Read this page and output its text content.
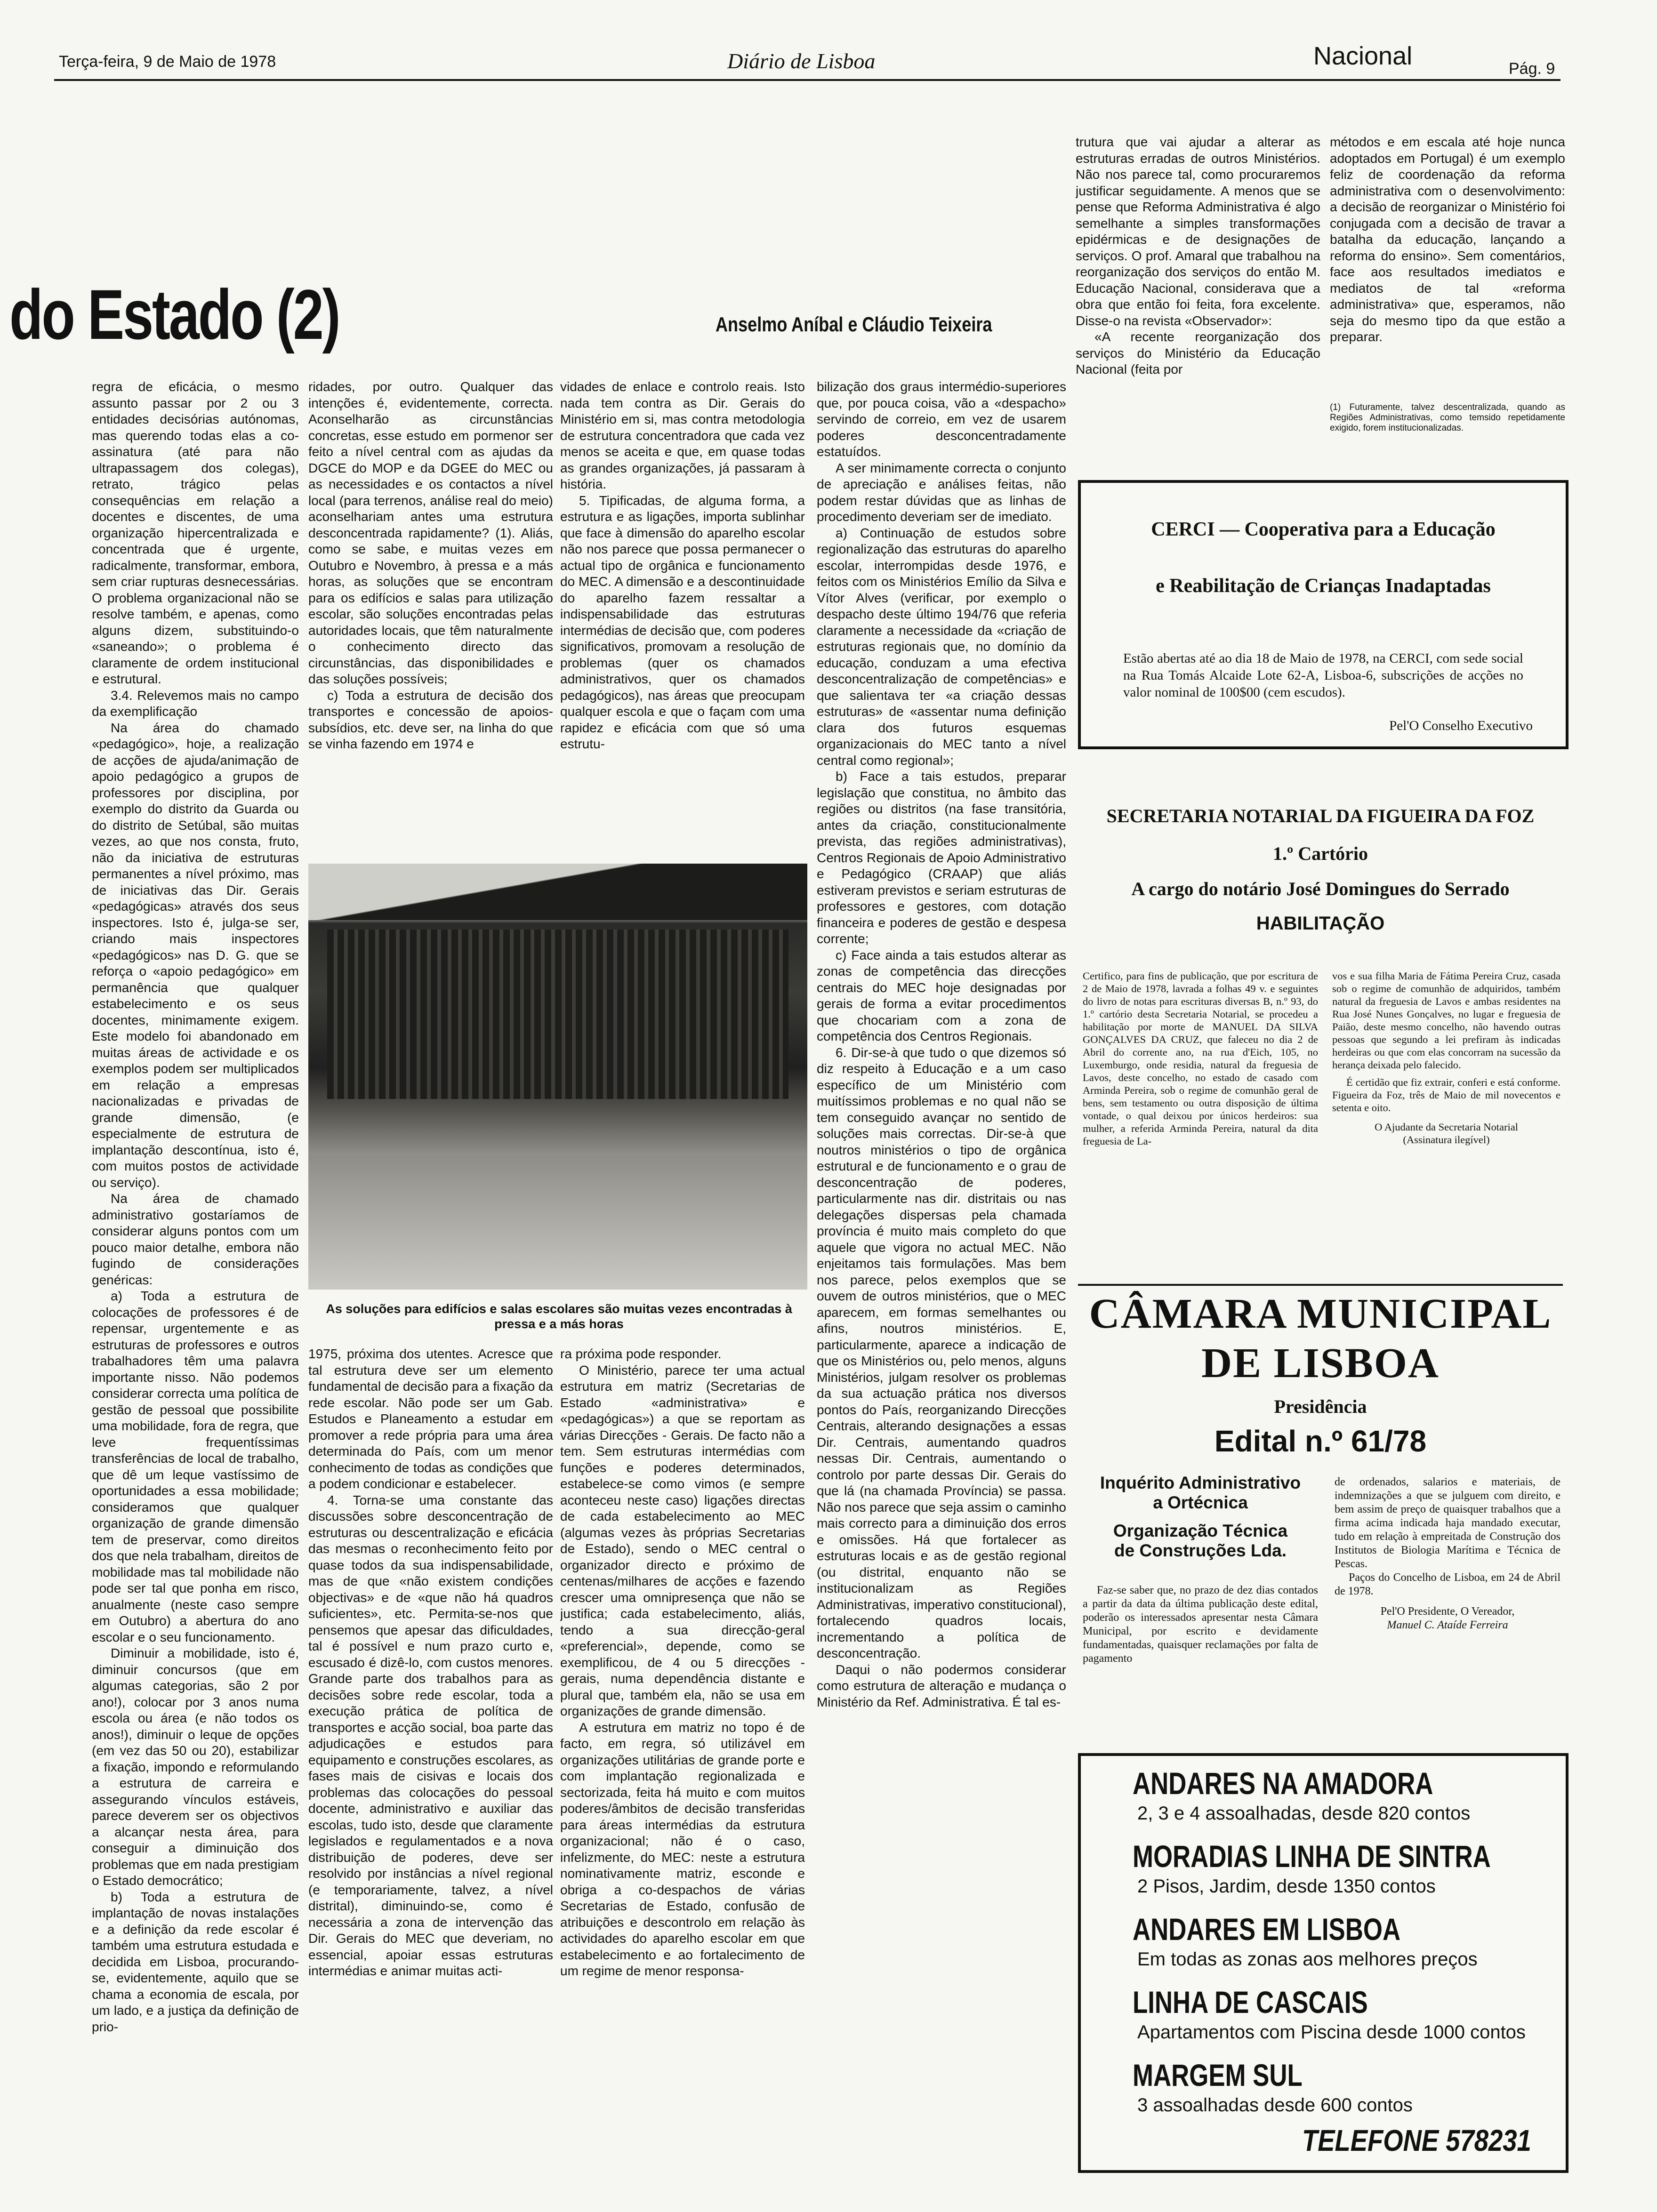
Terça-feira, 9 de Maio de 1978	Diário de Lisboa	Nacional	Pág. 9
do Estado (2)	Anselmo Aníbal e Cláudio Teixeira

regra de eficácia, o mesmo assunto passar por 2 ou 3 entidades decisórias autónomas, mas querendo todas elas a co-assinatura (até para não ultrapassagem dos colegas), retrato, trágico pelas consequências em relação a docentes e discentes, de uma organização hipercentralizada e concentrada que é urgente, radicalmente, transformar, embora, sem criar rupturas desnecessárias. O problema organizacional não se resolve também, e apenas, como alguns dizem, substituindo-o «saneando»; o problema é claramente de ordem institucional e estrutural.

3.4. Relevemos mais no campo da exemplificação

Na área do chamado «pedagógico», hoje, a realização de acções de ajuda/animação de apoio pedagógico a grupos de professores por disciplina, por exemplo do distrito da Guarda ou do distrito de Setúbal, são muitas vezes, ao que nos consta, fruto, não da iniciativa de estruturas permanentes a nível próximo, mas de iniciativas das Dir. Gerais «pedagógicas» através dos seus inspectores. Isto é, julga-se ser, criando mais inspectores «pedagógicos» nas D. G. que se reforça o «apoio pedagógico» em permanência que qualquer estabelecimento e os seus docentes, minimamente exigem. Este modelo foi abandonado em muitas áreas de actividade e os exemplos podem ser multiplicados em relação a empresas nacionalizadas e privadas de grande dimensão, (e especialmente de estrutura de implantação descontínua, isto é, com muitos postos de actividade ou serviço).

Na área de chamado administrativo gostaríamos de considerar alguns pontos com um pouco maior detalhe, embora não fugindo de considerações genéricas:

a) Toda a estrutura de colocações de professores é de repensar, urgentemente e as estruturas de professores e outros trabalhadores têm uma palavra importante nisso. Não podemos considerar correcta uma política de gestão de pessoal que possibilite uma mobilidade, fora de regra, que leve frequentíssimas transferências de local de trabalho, que dê um leque vastíssimo de oportunidades a essa mobilidade; consideramos que qualquer organização de grande dimensão tem de preservar, como direitos dos que nela trabalham, direitos de mobilidade mas tal mobilidade não pode ser tal que ponha em risco, anualmente (neste caso sempre em Outubro) a abertura do ano escolar e o seu funcionamento.

Diminuir a mobilidade, isto é, diminuir concursos (que em algumas categorias, são 2 por ano!), colocar por 3 anos numa escola ou área (e não todos os anos!), diminuir o leque de opções (em vez das 50 ou 20), estabilizar a fixação, impondo e reformulando a estrutura de carreira e assegurando vínculos estáveis, parece deverem ser os objectivos a alcançar nesta área, para conseguir a diminuição dos problemas que em nada prestigiam o Estado democrático;

b) Toda a estrutura de implantação de novas instalações e a definição da rede escolar é também uma estrutura estudada e decidida em Lisboa, procurando-se, evidentemente, aquilo que se chama a economia de escala, por um lado, e a justiça da definição de prio-

ridades, por outro. Qualquer das intenções é, evidentemente, correcta. Aconselharão as circunstâncias concretas, esse estudo em pormenor ser feito a nível central com as ajudas da DGCE do MOP e da DGEE do MEC ou as necessidades e os contactos a nível local (para terrenos, análise real do meio) aconselhariam antes uma estrutura desconcentrada rapidamente? (1). Aliás, como se sabe, e muitas vezes em Outubro e Novembro, à pressa e a más horas, as soluções que se encontram para os edifícios e salas para utilização escolar, são soluções encontradas pelas autoridades locais, que têm naturalmente o conhecimento directo das circunstâncias, das disponibilidades e das soluções possíveis;

c) Toda a estrutura de decisão dos transportes e concessão de apoios-subsídios, etc. deve ser, na linha do que se vinha fazendo em 1974 e

vidades de enlace e controlo reais. Isto nada tem contra as Dir. Gerais do Ministério em si, mas contra metodologia de estrutura concentradora que cada vez menos se aceita e que, em quase todas as grandes organizações, já passaram à história.

5. Tipificadas, de alguma forma, a estrutura e as ligações, importa sublinhar que face à dimensão do aparelho escolar não nos parece que possa permanecer o actual tipo de orgânica e funcionamento do MEC. A dimensão e a descontinuidade do aparelho fazem ressaltar a indispensabilidade das estruturas intermédias de decisão que, com poderes significativos, promovam a resolução de problemas (quer os chamados administrativos, quer os chamados pedagógicos), nas áreas que preocupam qualquer escola e que o façam com uma rapidez e eficácia com que só uma estrutu-

As soluções para edifícios e salas escolares são muitas vezes encontradas à pressa e a más horas

1975, próxima dos utentes. Acresce que tal estrutura deve ser um elemento fundamental de decisão para a fixação da rede escolar. Não pode ser um Gab. Estudos e Planeamento a estudar em promover a rede própria para uma área determinada do País, com um menor conhecimento de todas as condições que a podem condicionar e estabelecer.

4. Torna-se uma constante das discussões sobre desconcentração de estruturas ou descentralização e eficácia das mesmas o reconhecimento feito por quase todos da sua indispensabilidade, mas de que «não existem condições objectivas» e de «que não há quadros suficientes», etc. Permita-se-nos que pensemos que apesar das dificuldades, tal é possível e num prazo curto e, escusado é dizê-lo, com custos menores. Grande parte dos trabalhos para as decisões sobre rede escolar, toda a execução prática de política de transportes e acção social, boa parte das adjudicações e estudos para equipamento e construções escolares, as fases mais de cisivas e locais dos problemas das colocações do pessoal docente, administrativo e auxiliar das escolas, tudo isto, desde que claramente legislados e regulamentados e a nova distribuição de poderes, deve ser resolvido por instâncias a nível regional (e temporariamente, talvez, a nível distrital), diminuindo-se, como é necessária a zona de intervenção das Dir. Gerais do MEC que deveriam, no essencial, apoiar essas estruturas intermédias e animar muitas acti-

ra próxima pode responder.

O Ministério, parece ter uma actual estrutura em matriz (Secretarias de Estado «administrativa» e «pedagógicas») a que se reportam as várias Direcções - Gerais. De facto não a tem. Sem estruturas intermédias com funções e poderes determinados, estabelece-se como vimos (e sempre aconteceu neste caso) ligações directas de cada estabelecimento ao MEC (algumas vezes às próprias Secretarias de Estado), sendo o MEC central o organizador directo e próximo de centenas/milhares de acções e fazendo crescer uma omnipresença que não se justifica; cada estabelecimento, aliás, tendo a sua direcção-geral «preferencial», depende, como se exemplificou, de 4 ou 5 direcções - gerais, numa dependência distante e plural que, também ela, não se usa em organizações de grande dimensão.

A estrutura em matriz no topo é de facto, em regra, só utilizável em organizações utilitárias de grande porte e com implantação regionalizada e sectorizada, feita há muito e com muitos poderes/âmbitos de decisão transferidas para áreas intermédias da estrutura organizacional; não é o caso, infelizmente, do MEC: neste a estrutura nominativamente matriz, esconde e obriga a co-despachos de várias Secretarias de Estado, confusão de atribuições e descontrolo em relação às actividades do aparelho escolar em que estabelecimento e ao fortalecimento de um regime de menor responsa-

bilização dos graus intermédio-superiores que, por pouca coisa, vão a «despacho» servindo de correio, em vez de usarem poderes desconcentradamente estatuídos.

A ser minimamente correcta o conjunto de apreciação e análises feitas, não podem restar dúvidas que as linhas de procedimento deveriam ser de imediato.

a) Continuação de estudos sobre regionalização das estruturas do aparelho escolar, interrompidas desde 1976, e feitos com os Ministérios Emílio da Silva e Vítor Alves (verificar, por exemplo o despacho deste último 194/76 que referia claramente a necessidade da «criação de estruturas regionais que, no domínio da educação, conduzam a uma efectiva desconcentralização de competências» e que salientava ter «a criação dessas estruturas» de «assentar numa definição clara dos futuros esquemas organizacionais do MEC tanto a nível central como regional»;

b) Face a tais estudos, preparar legislação que constitua, no âmbito das regiões ou distritos (na fase transitória, antes da criação, constitucionalmente prevista, das regiões administrativas), Centros Regionais de Apoio Administrativo e Pedagógico (CRAAP) que aliás estiveram previstos e seriam estruturas de professores e gestores, com dotação financeira e poderes de gestão e despesa corrente;

c) Face ainda a tais estudos alterar as zonas de competência das direcções centrais do MEC hoje designadas por gerais de forma a evitar procedimentos que chocariam com a zona de competência dos Centros Regionais.

6. Dir-se-à que tudo o que dizemos só diz respeito à Educação e a um caso específico de um Ministério com muitíssimos problemas e no qual não se tem conseguido avançar no sentido de soluções mais correctas. Dir-se-à que noutros ministérios o tipo de orgânica estrutural e de funcionamento e o grau de desconcentração de poderes, particularmente nas dir. distritais ou nas delegações dispersas pela chamada província é muito mais completo do que aquele que vigora no actual MEC. Não enjeitamos tais formulações. Mas bem nos parece, pelos exemplos que se ouvem de outros ministérios, que o MEC aparecem, em formas semelhantes ou afins, noutros ministérios. E, particularmente, aparece a indicação de que os Ministérios ou, pelo menos, alguns Ministérios, julgam resolver os problemas da sua actuação prática nos diversos pontos do País, reorganizando Direcções Centrais, alterando designações a essas Dir. Centrais, aumentando quadros nessas Dir. Centrais, aumentando o controlo por parte dessas Dir. Gerais do que lá (na chamada Província) se passa. Não nos parece que seja assim o caminho mais correcto para a diminuição dos erros e omissões. Há que fortalecer as estruturas locais e as de gestão regional (ou distrital, enquanto não se institucionalizam as Regiões Administrativas, imperativo constitucional), fortalecendo quadros locais, incrementando a política de desconcentração.

Daqui o não podermos considerar como estrutura de alteração e mudança o Ministério da Ref. Administrativa. É tal es-

trutura que vai ajudar a alterar as estruturas erradas de outros Ministérios. Não nos parece tal, como procuraremos justificar seguidamente. A menos que se pense que Reforma Administrativa é algo semelhante a simples transformações epidérmicas e de designações de serviços. O prof. Amaral que trabalhou na reorganização dos serviços do então M. Educação Nacional, considerava que a obra que então foi feita, fora excelente. Disse-o na revista «Observador»:

«A recente reorganização dos serviços do Ministério da Educação Nacional (feita por

métodos e em escala até hoje nunca adoptados em Portugal) é um exemplo feliz de coordenação da reforma administrativa com o desenvolvimento: a decisão de reorganizar o Ministério foi conjugada com a decisão de travar a batalha da educação, lançando a reforma do ensino». Sem comentários, face aos resultados imediatos e mediatos de tal «reforma administrativa» que, esperamos, não seja do mesmo tipo da que estão a preparar.

(1) Futuramente, talvez descentralizada, quando as Regiões Administrativas, como temsido repetidamente exigido, forem institucionalizadas.
CERCI — Cooperativa para a Educação
e Reabilitação de Crianças Inadaptadas
Estão abertas até ao dia 18 de Maio de 1978, na CERCI, com sede social na Rua Tomás Alcaide Lote 62-A, Lisboa-6, subscrições de acções no valor nominal de 100$00 (cem escudos).
Pel'O Conselho Executivo
SECRETARIA NOTARIAL DA FIGUEIRA DA FOZ
1.º Cartório
A cargo do notário José Domingues do Serrado
HABILITAÇÃO
Certifico, para fins de publicação, que por escritura de 2 de Maio de 1978, lavrada a folhas 49 v. e seguintes do livro de notas para escrituras diversas B, n.º 93, do 1.º cartório desta Secretaria Notarial, se procedeu a habilitação por morte de MANUEL DA SILVA GONÇALVES DA CRUZ, que faleceu no dia 2 de Abril do corrente ano, na rua d'Eich, 105, no Luxemburgo, onde residia, natural da freguesia de Lavos, deste concelho, no estado de casado com Arminda Pereira, sob o regime de comunhão geral de bens, sem testamento ou outra disposição de última vontade, o qual deixou por únicos herdeiros: sua mulher, a referida Arminda Pereira, natural da dita freguesia de La-
vos e sua filha Maria de Fátima Pereira Cruz, casada sob o regime de comunhão de adquiridos, também natural da freguesia de Lavos e ambas residentes na Rua José Nunes Gonçalves, no lugar e freguesia de Paião, deste mesmo concelho, não havendo outras pessoas que segundo a lei prefiram às indicadas herdeiras ou que com elas concorram na sucessão da herança deixada pelo falecido.
É certidão que fiz extrair, conferi e está conforme. Figueira da Foz, três de Maio de mil novecentos e setenta e oito.
O Ajudante da Secretaria Notarial
(Assinatura ilegível)
CÂMARA MUNICIPAL
DE LISBOA
Presidência
Edital n.º 61/78
Inquérito Administrativo
a Ortécnica
Organização Técnica
de Construções Lda.
Faz-se saber que, no prazo de dez dias contados a partir da data da última publicação deste edital, poderão os interessados apresentar nesta Câmara Municipal, por escrito e devidamente fundamentadas, quaisquer reclamações por falta de pagamento
de ordenados, salarios e materiais, de indemnizações a que se julguem com direito, e bem assim de preço de quaisquer trabalhos que a firma acima indicada haja mandado executar, tudo em relação à empreitada de Construção dos Institutos de Biologia Marítima e Técnica de Pescas.
Paços do Concelho de Lisboa, em 24 de Abril de 1978.
Pel'O Presidente, O Vereador,
Manuel C. Ataíde Ferreira
ANDARES NA AMADORA
2, 3 e 4 assoalhadas, desde 820 contos
MORADIAS LINHA DE SINTRA
2 Pisos, Jardim, desde 1350 contos
ANDARES EM LISBOA
Em todas as zonas aos melhores preços
LINHA DE CASCAIS
Apartamentos com Piscina desde 1000 contos
MARGEM SUL
3 assoalhadas desde 600 contos
TELEFONE 578231
